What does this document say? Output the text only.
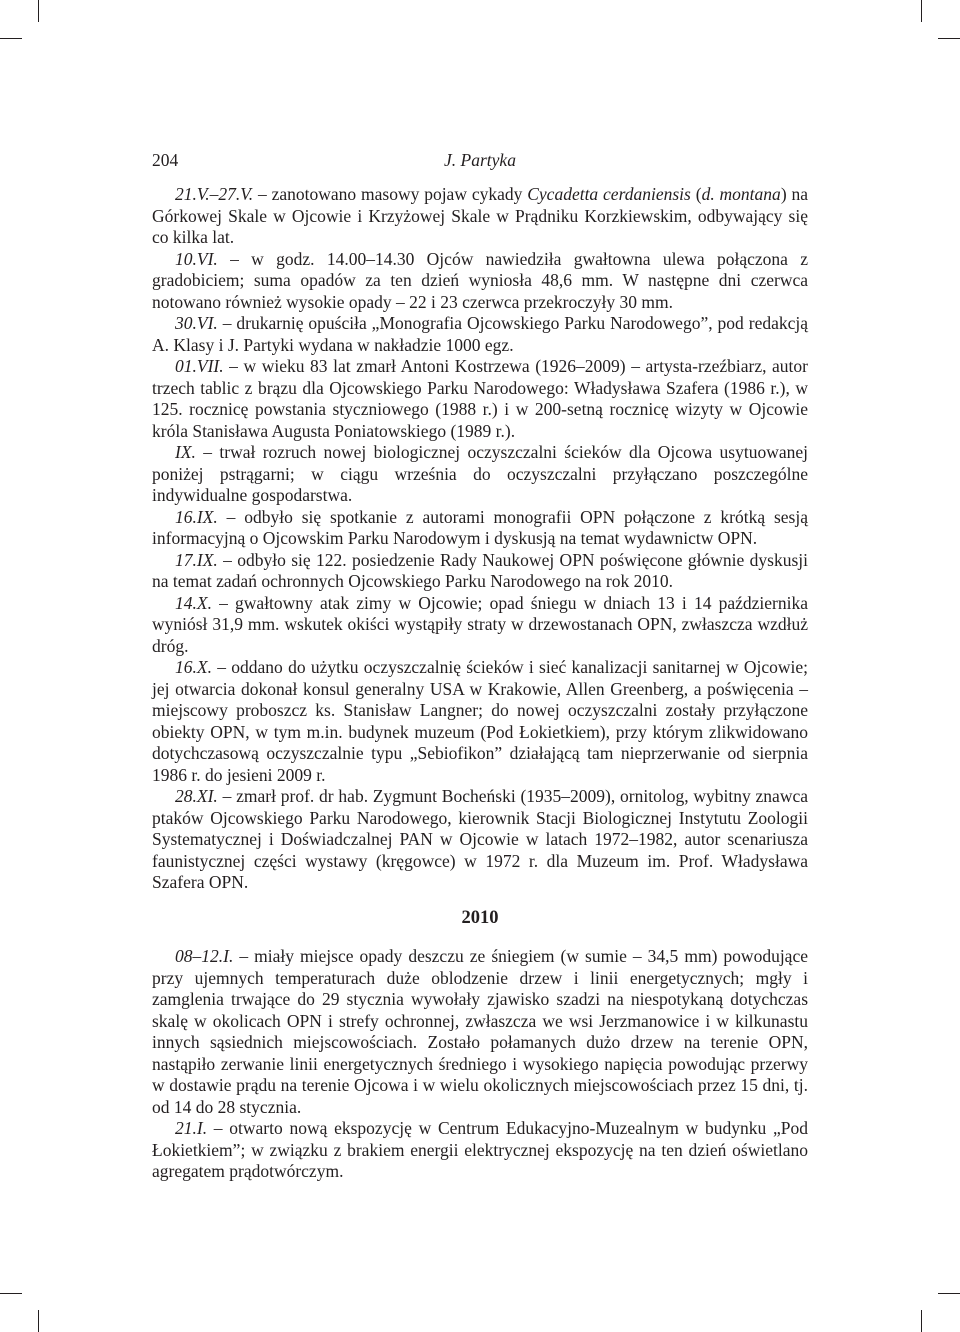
204	J. Partyka

21.V.–27.V. – zanotowano masowy pojaw cykady Cycadetta cerdaniensis (d. montana) na Górkowej Skale w Ojcowie i Krzyżowej Skale w Prądniku Korzkiewskim, odbywający się co kilka lat.

10.VI. – w godz. 14.00–14.30 Ojców nawiedziła gwałtowna ulewa połączona z gradobiciem; suma opadów za ten dzień wyniosła 48,6 mm. W następne dni czerwca notowano również wysokie opady – 22 i 23 czerwca przekroczyły 30 mm.

30.VI. – drukarnię opuściła „Monografia Ojcowskiego Parku Narodowego”, pod redakcją A. Klasy i J. Partyki wydana w nakładzie 1000 egz.

01.VII. – w wieku 83 lat zmarł Antoni Kostrzewa (1926–2009) – artysta-rzeźbiarz, autor trzech tablic z brązu dla Ojcowskiego Parku Narodowego: Władysława Szafera (1986 r.), w 125. rocznicę powstania styczniowego (1988 r.) i w 200-setną rocznicę wizyty w Ojcowie króla Stanisława Augusta Poniatowskiego (1989 r.).

IX. – trwał rozruch nowej biologicznej oczyszczalni ścieków dla Ojcowa usytuowanej poniżej pstrągarni; w ciągu września do oczyszczalni przyłączano poszczególne indywidualne gospodarstwa.

16.IX. – odbyło się spotkanie z autorami monografii OPN połączone z krótką sesją informacyjną o Ojcowskim Parku Narodowym i dyskusją na temat wydawnictw OPN.

17.IX. – odbyło się 122. posiedzenie Rady Naukowej OPN poświęcone głównie dyskusji na temat zadań ochronnych Ojcowskiego Parku Narodowego na rok 2010.

14.X. – gwałtowny atak zimy w Ojcowie; opad śniegu w dniach 13 i 14 października wyniósł 31,9 mm. wskutek okiści wystąpiły straty w drzewostanach OPN, zwłaszcza wzdłuż dróg.

16.X. – oddano do użytku oczyszczalnię ścieków i sieć kanalizacji sanitarnej w Ojcowie; jej otwarcia dokonał konsul generalny USA w Krakowie, Allen Greenberg, a poświęcenia – miejscowy proboszcz ks. Stanisław Langner; do nowej oczyszczalni zostały przyłączone obiekty OPN, w tym m.in. budynek muzeum (Pod Łokietkiem), przy którym zlikwidowano dotychczasową oczyszczalnie typu „Sebiofikon” działającą tam nieprzerwanie od sierpnia 1986 r. do jesieni 2009 r.

28.XI. – zmarł prof. dr hab. Zygmunt Bocheński (1935–2009), ornitolog, wybitny znawca ptaków Ojcowskiego Parku Narodowego, kierownik Stacji Biologicznej Instytutu Zoologii Systematycznej i Doświadczalnej PAN w Ojcowie w latach 1972–1982, autor scenariusza faunistycznej części wystawy (kręgowce) w 1972 r. dla Muzeum im. Prof. Władysława Szafera OPN.

2010

08–12.I. – miały miejsce opady deszczu ze śniegiem (w sumie – 34,5 mm) powodujące przy ujemnych temperaturach duże oblodzenie drzew i linii energetycznych; mgły i zamglenia trwające do 29 stycznia wywołały zjawisko szadzi na niespotykaną dotychczas skalę w okolicach OPN i strefy ochronnej, zwłaszcza we wsi Jerzmanowice i w kilkunastu innych sąsiednich miejscowościach. Zostało połamanych dużo drzew na terenie OPN, nastąpiło zerwanie linii energetycznych średniego i wysokiego napięcia powodując przerwy w dostawie prądu na terenie Ojcowa i w wielu okolicznych miejscowościach przez 15 dni, tj. od 14 do 28 stycznia.

21.I. – otwarto nową ekspozycję w Centrum Edukacyjno-Muzealnym w budynku „Pod Łokietkiem”; w związku z brakiem energii elektrycznej ekspozycję na ten dzień oświetlano agregatem prądotwórczym.
